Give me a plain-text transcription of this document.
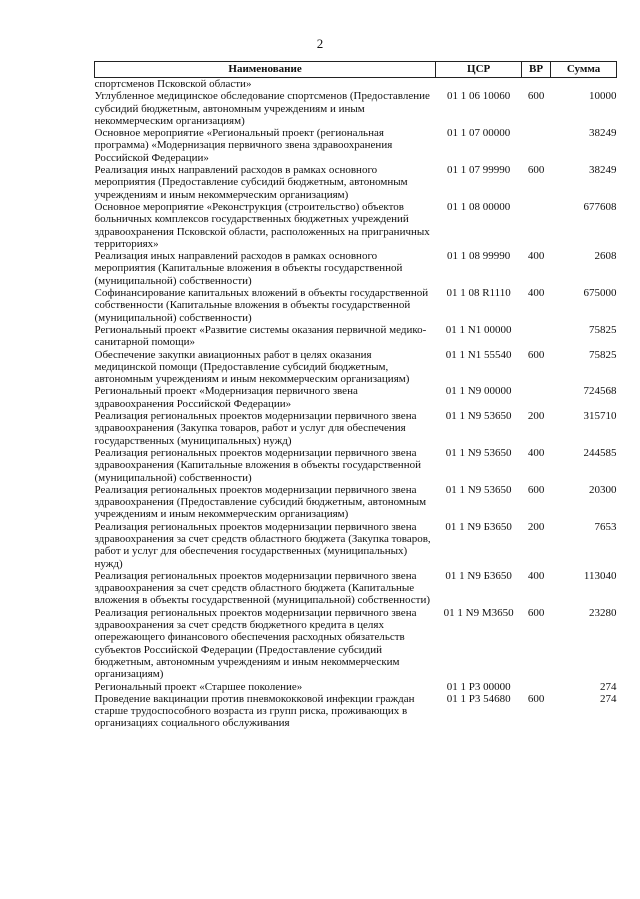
2
Наименование	ЦСР	ВР	Сумма
спортсменов Псковской области»			
Углубленное медицинское обследование спортсменов (Предоставление субсидий бюджетным, автономным учреждениям и иным некоммерческим организациям)	01 1 06 10060	600	10000
Основное мероприятие «Региональный проект (региональная программа) «Модернизация первичного звена здравоохранения Российской Федерации»	01 1 07 00000		38249
Реализация иных направлений расходов в рамках основного мероприятия (Предоставление субсидий бюджетным, автономным учреждениям и иным некоммерческим организациям)	01 1 07 99990	600	38249
Основное мероприятие «Реконструкция (строительство) объектов больничных комплексов государственных бюджетных учреждений здравоохранения Псковской области, расположенных на приграничных территориях»	01 1 08 00000		677608
Реализация иных направлений расходов в рамках основного мероприятия (Капитальные вложения в объекты государственной (муниципальной) собственности)	01 1 08 99990	400	2608
Софинансирование капитальных вложений в объекты государственной собственности (Капитальные вложения в объекты государственной (муниципальной) собственности)	01 1 08 R1110	400	675000
Региональный проект «Развитие системы оказания первичной медико-санитарной помощи»	01 1 N1 00000		75825
Обеспечение закупки авиационных работ в целях оказания медицинской помощи (Предоставление субсидий бюджетным, автономным учреждениям и иным некоммерческим организациям)	01 1 N1 55540	600	75825
Региональный проект «Модернизация первичного звена здравоохранения Российской Федерации»	01 1 N9 00000		724568
Реализация региональных проектов модернизации первичного звена здравоохранения (Закупка товаров, работ и услуг для обеспечения государственных (муниципальных) нужд)	01 1 N9 53650	200	315710
Реализация региональных проектов модернизации первичного звена здравоохранения (Капитальные вложения в объекты государственной (муниципальной) собственности)	01 1 N9 53650	400	244585
Реализация региональных проектов модернизации первичного звена здравоохранения (Предоставление субсидий бюджетным, автономным учреждениям и иным некоммерческим организациям)	01 1 N9 53650	600	20300
Реализация региональных проектов модернизации первичного звена здравоохранения за счет средств областного бюджета (Закупка товаров, работ и услуг для обеспечения государственных (муниципальных) нужд)	01 1 N9 Б3650	200	7653
Реализация региональных проектов модернизации первичного звена здравоохранения за счет средств областного бюджета (Капитальные вложения в объекты государственной (муниципальной) собственности)	01 1 N9 Б3650	400	113040
Реализация региональных проектов модернизации первичного звена здравоохранения за счет средств бюджетного кредита в целях опережающего финансового обеспечения расходных обязательств субъектов Российской Федерации (Предоставление субсидий бюджетным, автономным учреждениям и иным некоммерческим организациям)	01 1 N9 M3650	600	23280
Региональный проект «Старшее поколение»	01 1 P3 00000		274
Проведение вакцинации против пневмококковой инфекции граждан старше трудоспособного возраста из групп риска, проживающих в организациях социального обслуживания	01 1 P3 54680	600	274
